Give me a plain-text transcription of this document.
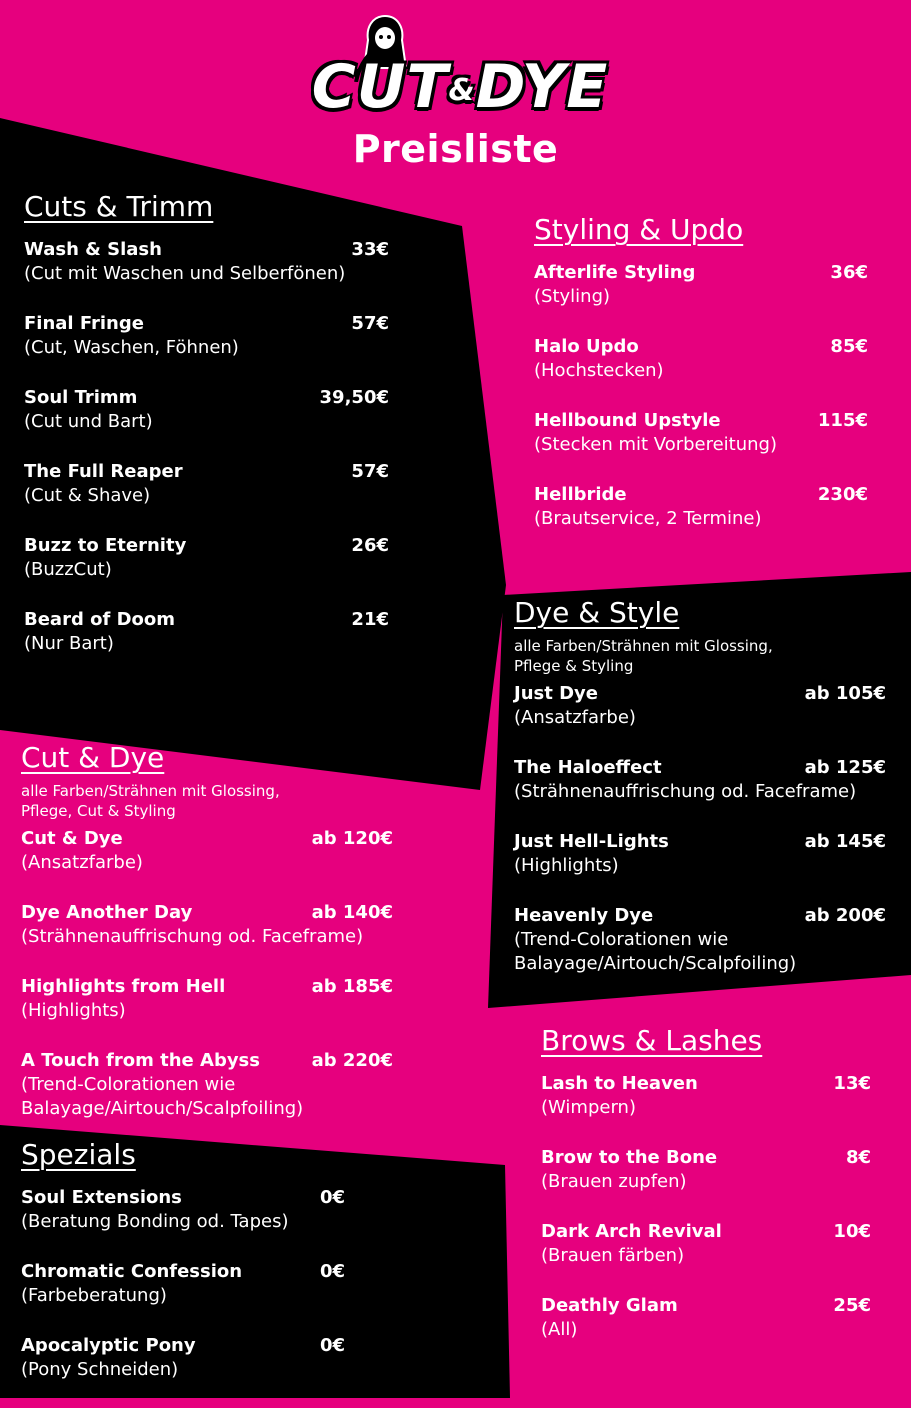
CUT&DYE
Preisliste
Cuts & Trimm
Wash & Slash	33€
(Cut mit Waschen und Selberfönen)
Final Fringe	57€
(Cut, Waschen, Föhnen)
Soul Trimm	39,50€
(Cut und Bart)
The Full Reaper	57€
(Cut & Shave)
Buzz to Eternity	26€
(BuzzCut)
Beard of Doom	21€
(Nur Bart)
Styling & Updo
Afterlife Styling	36€
(Styling)
Halo Updo	85€
(Hochstecken)
Hellbound Upstyle	115€
(Stecken mit Vorbereitung)
Hellbride	230€
(Brautservice, 2 Termine)
Dye & Style
alle Farben/Strähnen mit Glossing, Pflege & Styling
Just Dye	ab 105€
(Ansatzfarbe)
The Haloeffect	ab 125€
(Strähnenauffrischung od. Faceframe)
Just Hell-Lights	ab 145€
(Highlights)
Heavenly Dye	ab 200€
(Trend-Colorationen wie Balayage/Airtouch/Scalpfoiling)
Cut & Dye
alle Farben/Strähnen mit Glossing, Pflege, Cut & Styling
Cut & Dye	ab 120€
(Ansatzfarbe)
Dye Another Day	ab 140€
(Strähnenauffrischung od. Faceframe)
Highlights from Hell	ab 185€
(Highlights)
A Touch from the Abyss	ab 220€
(Trend-Colorationen wie Balayage/Airtouch/Scalpfoiling)
Brows & Lashes
Lash to Heaven	13€
(Wimpern)
Brow to the Bone	8€
(Brauen zupfen)
Dark Arch Revival	10€
(Brauen färben)
Deathly Glam	25€
(All)
Spezials
Soul Extensions	0€
(Beratung Bonding od. Tapes)
Chromatic Confession	0€
(Farbeberatung)
Apocalyptic Pony	0€
(Pony Schneiden)
